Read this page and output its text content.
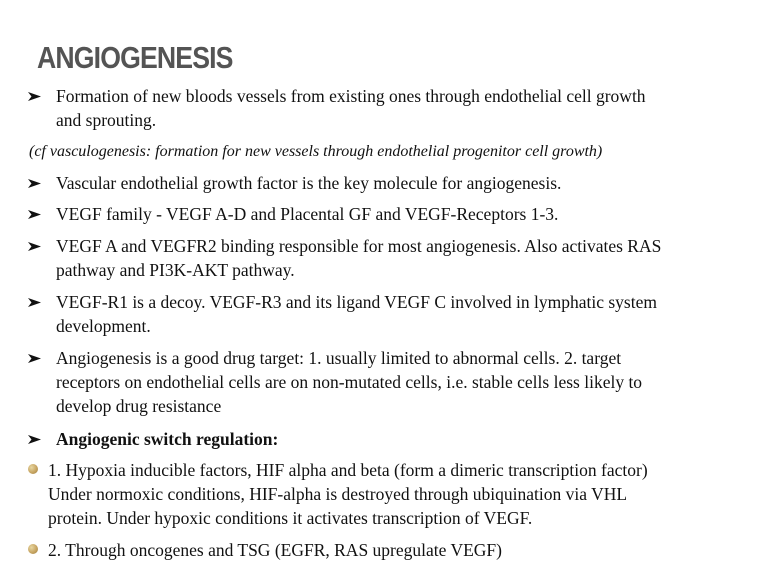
ANGIOGENESIS
Formation of new bloods vessels from existing ones through endothelial cell growth
and sprouting.
(cf vasculogenesis: formation for new vessels through endothelial progenitor cell growth)
Vascular endothelial growth factor is the key molecule for angiogenesis.
VEGF family - VEGF A-D and Placental GF and VEGF-Receptors 1-3.
VEGF A and VEGFR2 binding responsible for most angiogenesis. Also activates RAS
pathway and PI3K-AKT pathway.
VEGF-R1 is a decoy. VEGF-R3 and its ligand VEGF C involved in lymphatic system
development.
Angiogenesis is a good drug target: 1. usually limited to abnormal cells. 2. target
receptors on endothelial cells are on non-mutated cells, i.e. stable cells less likely to
develop drug resistance
Angiogenic switch regulation:
1. Hypoxia inducible factors, HIF alpha and beta (form a dimeric transcription factor)
Under normoxic conditions, HIF-alpha is destroyed through ubiquination via VHL
protein. Under hypoxic conditions it activates transcription of VEGF.
2. Through oncogenes and TSG (EGFR, RAS upregulate VEGF)
